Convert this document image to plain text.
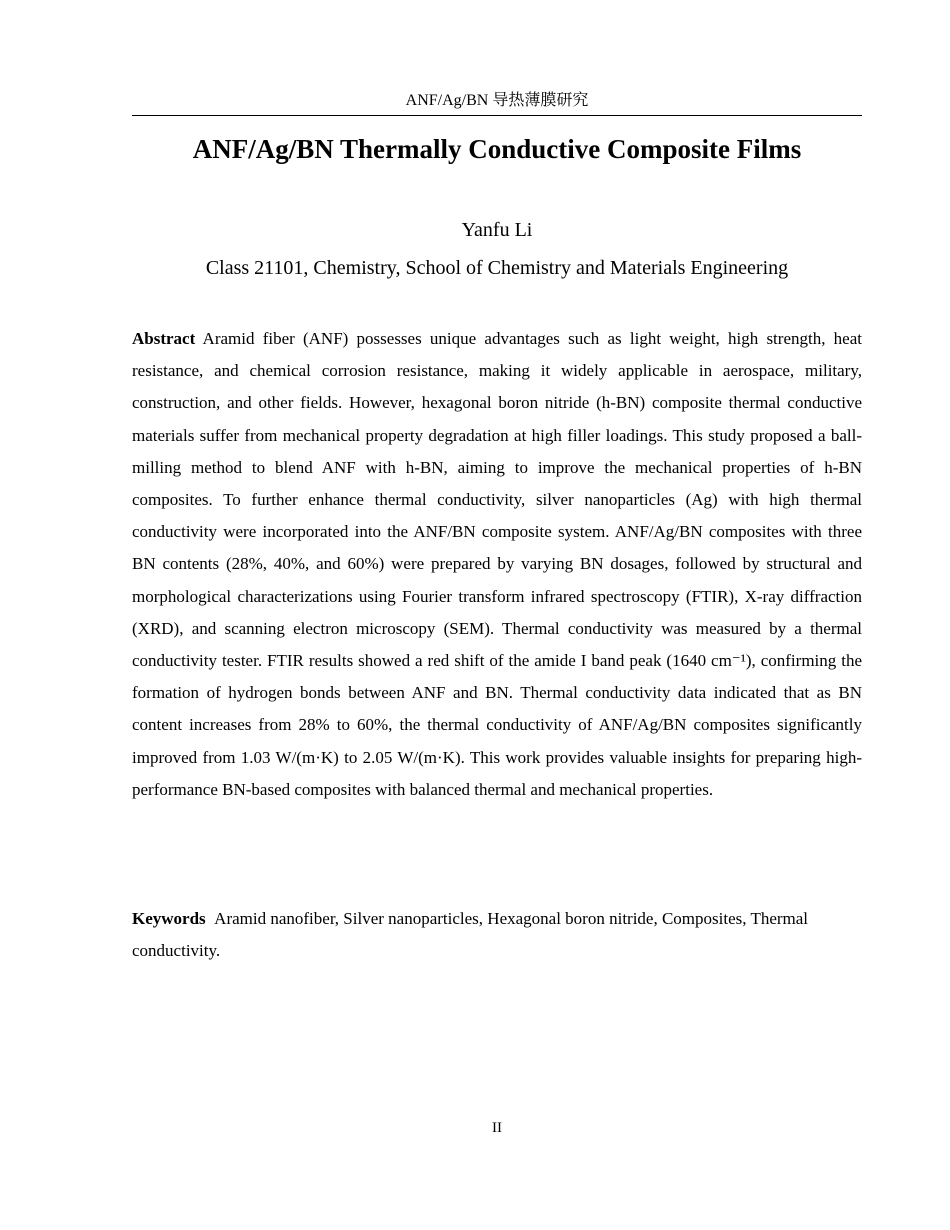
ANF/Ag/BN 导热薄膜研究
ANF/Ag/BN Thermally Conductive Composite Films
Yanfu Li
Class 21101, Chemistry, School of Chemistry and Materials Engineering

Abstract Aramid fiber (ANF) possesses unique advantages such as light weight, high strength, heat resistance, and chemical corrosion resistance, making it widely applicable in aerospace, military, construction, and other fields. However, hexagonal boron nitride (h-BN) composite thermal conductive materials suffer from mechanical property degradation at high filler loadings. This study proposed a ball-milling method to blend ANF with h-BN, aiming to improve the mechanical properties of h-BN composites. To further enhance thermal conductivity, silver nanoparticles (Ag) with high thermal conductivity were incorporated into the ANF/BN composite system. ANF/Ag/BN composites with three BN contents (28%, 40%, and 60%) were prepared by varying BN dosages, followed by structural and morphological characterizations using Fourier transform infrared spectroscopy (FTIR), X-ray diffraction (XRD), and scanning electron microscopy (SEM). Thermal conductivity was measured by a thermal conductivity tester. FTIR results showed a red shift of the amide I band peak (1640 cm⁻¹), confirming the formation of hydrogen bonds between ANF and BN. Thermal conductivity data indicated that as BN content increases from 28% to 60%, the thermal conductivity of ANF/Ag/BN composites significantly improved from 1.03 W/(m·K) to 2.05 W/(m·K). This work provides valuable insights for preparing high-performance BN-based composites with balanced thermal and mechanical properties.

Keywords Aramid nanofiber, Silver nanoparticles, Hexagonal boron nitride, Composites, Thermal conductivity.

II
